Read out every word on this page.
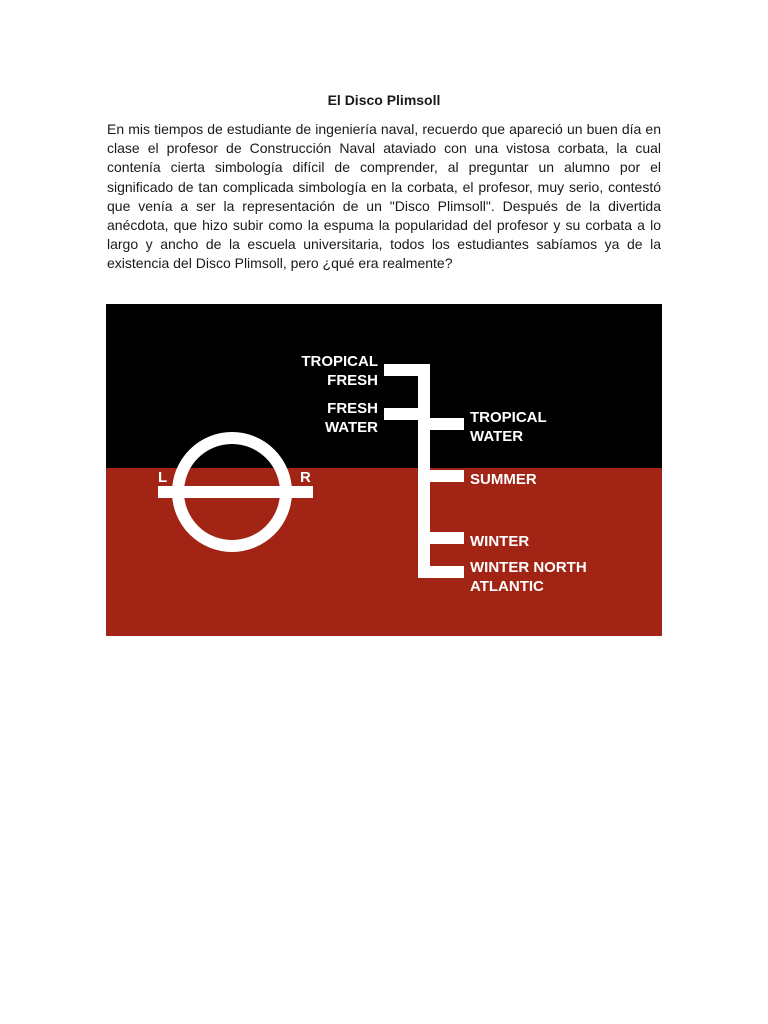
El Disco Plimsoll

En mis tiempos de estudiante de ingeniería naval, recuerdo que apareció un buen día en clase el profesor de Construcción Naval ataviado con una vistosa corbata, la cual contenía cierta simbología difícil de comprender, al preguntar un alumno por el significado de tan complicada simbología en la corbata, el profesor, muy serio, contestó que venía a ser la representación de un "Disco Plimsoll". Después de la divertida anécdota, que hizo subir como la espuma la popularidad del profesor y su corbata a lo largo y ancho de la escuela universitaria, todos los estudiantes sabíamos ya de la existencia del Disco Plimsoll, pero ¿qué era realmente?

L	R
TROPICAL
FRESH
FRESH
WATER
TROPICAL
WATER
SUMMER
WINTER
WINTER NORTH
ATLANTIC
